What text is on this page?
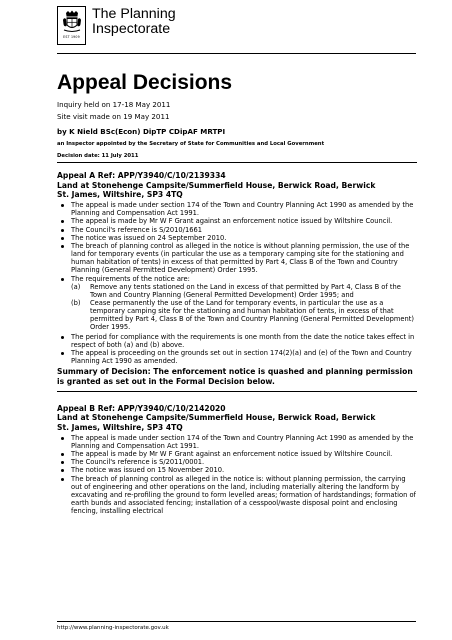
EST 1909
The Planning
Inspectorate
Appeal Decisions
Inquiry held on 17-18 May 2011
Site visit made on 19 May 2011
by K Nield BSc(Econ) DipTP CDipAF MRTPI
an Inspector appointed by the Secretary of State for Communities and Local Government
Decision date: 11 July 2011
Appeal A Ref: APP/Y3940/C/10/2139334
Land at Stonehenge Campsite/Summerfield House, Berwick Road, Berwick
St. James, Wiltshire, SP3 4TQ
The appeal is made under section 174 of the Town and Country Planning Act 1990 as amended by the Planning and Compensation Act 1991.
The appeal is made by Mr W F Grant against an enforcement notice issued by Wiltshire Council.
The Council's reference is S/2010/1661
The notice was issued on 24 September 2010.
The breach of planning control as alleged in the notice is without planning permission, the use of the land for temporary events (in particular the use as a temporary camping site for the stationing and human habitation of tents) in excess of that permitted by Part 4, Class B of the Town and Country Planning (General Permitted Development) Order 1995.
The requirements of the notice are:
(a) Remove any tents stationed on the Land in excess of that permitted by Part 4, Class B of the Town and Country Planning (General Permitted Development) Order 1995; and
(b) Cease permanently the use of the Land for temporary events, in particular the use as a temporary camping site for the stationing and human habitation of tents, in excess of that permitted by Part 4, Class B of the Town and Country Planning (General Permitted Development) Order 1995.
The period for compliance with the requirements is one month from the date the notice takes effect in respect of both (a) and (b) above.
The appeal is proceeding on the grounds set out in section 174(2)(a) and (e) of the Town and Country Planning Act 1990 as amended.
Summary of Decision: The enforcement notice is quashed and planning permission is granted as set out in the Formal Decision below.
Appeal B Ref: APP/Y3940/C/10/2142020
Land at Stonehenge Campsite/Summerfield House, Berwick Road, Berwick
St. James, Wiltshire, SP3 4TQ
The appeal is made under section 174 of the Town and Country Planning Act 1990 as amended by the Planning and Compensation Act 1991.
The appeal is made by Mr W F Grant against an enforcement notice issued by Wiltshire Council.
The Council's reference is S/2011/0001.
The notice was issued on 15 November 2010.
The breach of planning control as alleged in the notice is: without planning permission, the carrying out of engineering and other operations on the land, including materially altering the landform by excavating and re-profiling the ground to form levelled areas; formation of hardstandings; formation of earth bunds and associated fencing; installation of a cesspool/waste disposal point and enclosing fencing, installing electrical
http://www.planning-inspectorate.gov.uk
